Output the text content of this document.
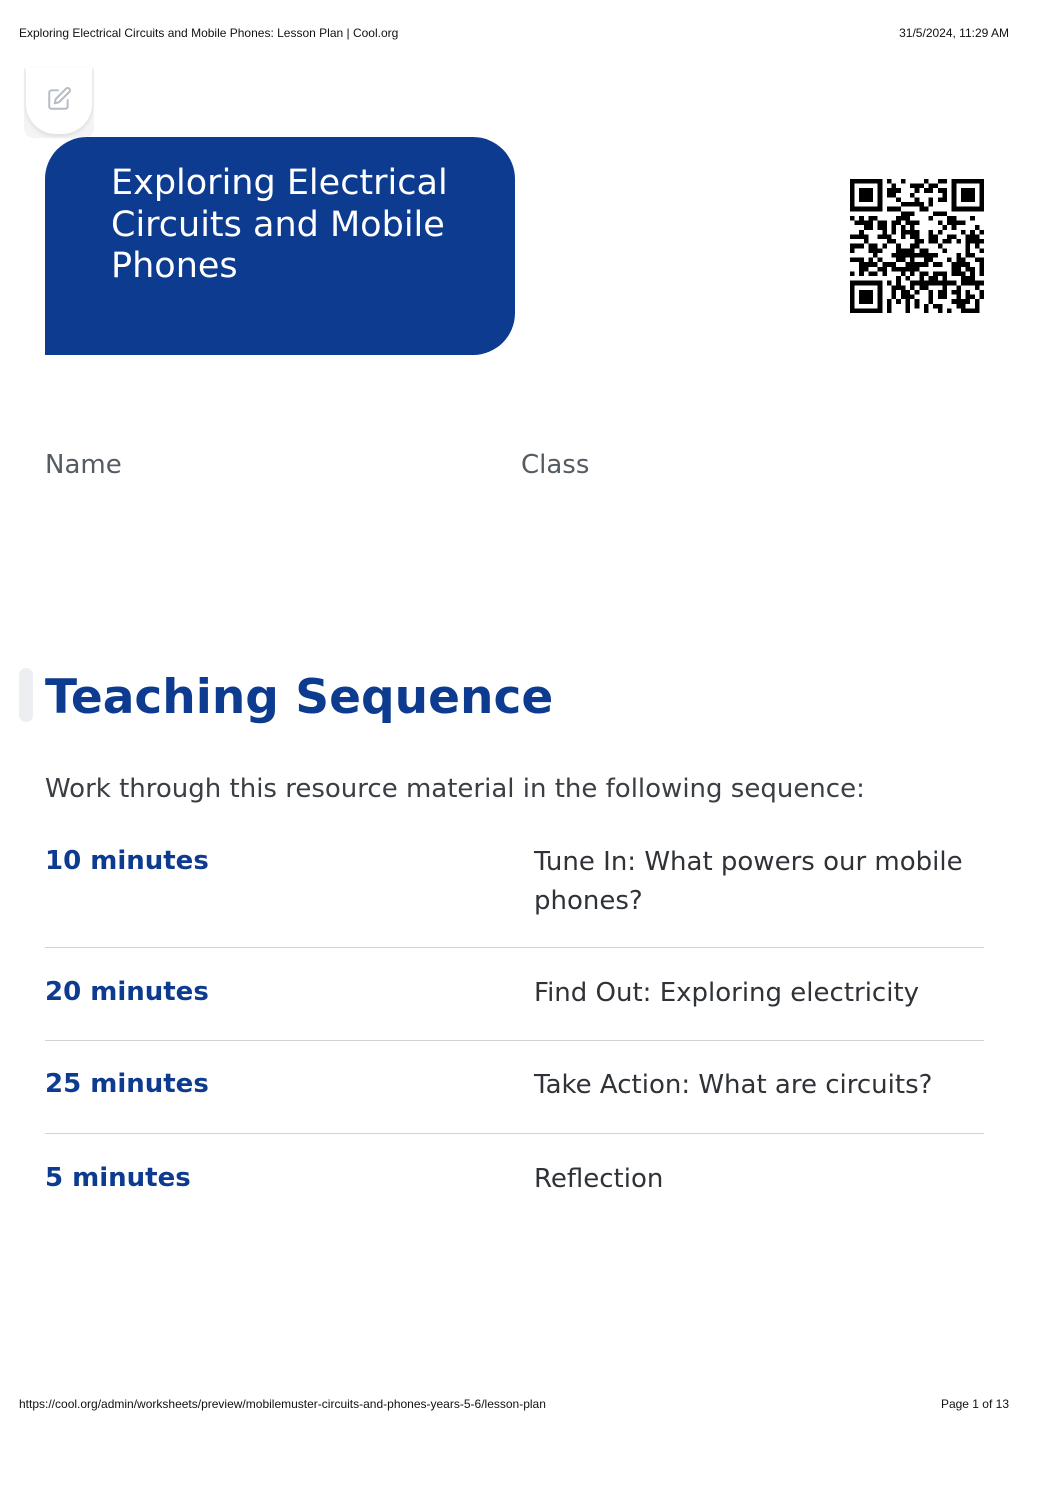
Exploring Electrical Circuits and Mobile Phones: Lesson Plan | Cool.org	31/5/2024, 11:29 AM
Exploring Electrical Circuits and Mobile Phones
Name	Class
Teaching Sequence
Work through this resource material in the following sequence:
10 minutes	Tune In: What powers our mobile phones?
20 minutes	Find Out: Exploring electricity
25 minutes	Take Action: What are circuits?
5 minutes	Reflection
https://cool.org/admin/worksheets/preview/mobilemuster-circuits-and-phones-years-5-6/lesson-plan	Page 1 of 13
